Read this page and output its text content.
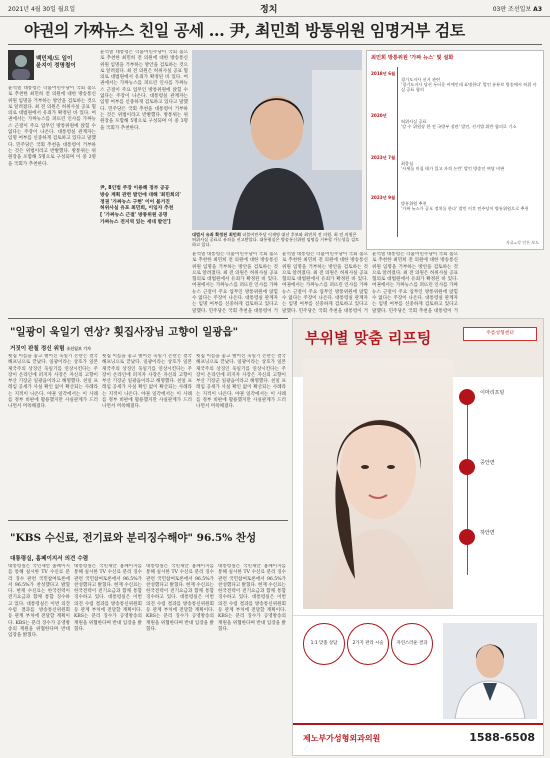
2021년 4월 30일 월요일	정치	03판 조선일보 A3
야권의 가짜뉴스 친일 공세 … 尹, 최민희 방통위원 임명거부 검토
백민제/도 일이
윤지이 정명철이
윤석열 대통령은 더불어민주당이 국회 몫으로 추천한 최민희 전 의원에 대한 방송통신위원 임명을 거부하는 방안을 검토하는 것으로 알려졌다. 최 전 의원은 허위사실 공표 혐의로 대법원에서 유죄가 확정된 바 있다. 여권에서는 가짜뉴스를 퍼뜨린 인사를 가짜뉴스 근절이 주요 업무인 방통위원에 앉힐 수 없다는 주장이 나온다. 대통령실 관계자는 임명 여부를 신중하게 검토하고 있다고 말했다. 민주당은 국회 추천을 대통령이 거부하는 것은 위법이라고 반발했다. 방통위는 위원장을 포함해 5명으로 구성되며 이 중 3명을 국회가 추천한다.
윤석열 대통령은 더불어민주당이 국회 몫으로 추천한 최민희 전 의원에 대한 방송통신위원 임명을 거부하는 방안을 검토하는 것으로 알려졌다. 최 전 의원은 허위사실 공표 혐의로 대법원에서 유죄가 확정된 바 있다. 여권에서는 가짜뉴스를 퍼뜨린 인사를 가짜뉴스 근절이 주요 업무인 방통위원에 앉힐 수 없다는 주장이 나온다. 대통령실 관계자는 임명 여부를 신중하게 검토하고 있다고 말했다. 민주당은 국회 추천을 대통령이 거부하는 것은 위법이라고 반발했다. 방통위는 위원장을 포함해 5명으로 구성되며 이 중 3명을 국회가 추천한다.
대법서 유죄 확정된 최민희 더불어민주당 이재명 대선 후보와 최민희 전 의원. 최 전 의원은 허위사실 공표로 유죄를 선고받았다. 대통령실은 방송통신위원 임명을 거부할 가능성을 검토하고 있다.
尹, 8인법 주장 이용해 정부 공공
방송 계획 관련 발언에 대해 '최민희의'
정권 '가짜뉴스 구현' 이어 불거진
허위사실 유포 최민희, 이임자 추천
[ '가짜뉴스 근절' 방통위원 공명
가짜뉴스 전지역 있는 세대 발언']
최민희 방통위원 '가짜 뉴스' 및 설화
2018년 6월
경기도지사 선거 관련
'경기도지사 당선 두터운 어깨인데 표명한다' 발언 유튜브 방송에서 허위 사실 공표 혐의
2020년
허위사실 공표
'강 수 위원장 한 전 국방부 장관' 발언, 선거법 위반 혐의로 기소
2023년 7월
최종심
'사세를 미칠 테가 있고 자격 논란' 발언 방송인 여당 비판
2023년 9월
방통위원 추천
'가짜 뉴스가 공포 정치를 한다' 발언 이후 민주당이 방통위원으로 추천
자료=각 언론 보도
윤석열 대통령은 더불어민주당이 국회 몫으로 추천한 최민희 전 의원에 대한 방송통신위원 임명을 거부하는 방안을 검토하는 것으로 알려졌다. 최 전 의원은 허위사실 공표 혐의로 대법원에서 유죄가 확정된 바 있다. 여권에서는 가짜뉴스를 퍼뜨린 인사를 가짜뉴스 근절이 주요 업무인 방통위원에 앉힐 수 없다는 주장이 나온다. 대통령실 관계자는 임명 여부를 신중하게 검토하고 있다고 말했다. 민주당은 국회 추천을 대통령이 거
윤석열 대통령은 더불어민주당이 국회 몫으로 추천한 최민희 전 의원에 대한 방송통신위원 임명을 거부하는 방안을 검토하는 것으로 알려졌다. 최 전 의원은 허위사실 공표 혐의로 대법원에서 유죄가 확정된 바 있다. 여권에서는 가짜뉴스를 퍼뜨린 인사를 가짜뉴스 근절이 주요 업무인 방통위원에 앉힐 수 없다는 주장이 나온다. 대통령실 관계자는 임명 여부를 신중하게 검토하고 있다고 말했다. 민주당은 국회 추천을 대통령이 거
윤석열 대통령은 더불어민주당이 국회 몫으로 추천한 최민희 전 의원에 대한 방송통신위원 임명을 거부하는 방안을 검토하는 것으로 알려졌다. 최 전 의원은 허위사실 공표 혐의로 대법원에서 유죄가 확정된 바 있다. 여권에서는 가짜뉴스를 퍼뜨린 인사를 가짜뉴스 근절이 주요 업무인 방통위원에 앉힐 수 없다는 주장이 나온다. 대통령실 관계자는 임명 여부를 신중하게 검토하고 있다고 말했다. 민주당은 국회 추천을 대통령이 거
"일광이 욱일기 연상? 횟집사장님 고향이 일광읍"
거짓이 판칠 정신 위험 조선일보 기자
횟집 이름을 놓고 벌어진 욱일기 논란은 결국 해프닝으로 끝났다. 일광이라는 상호가 일본 제국주의 상징인 욱일기를 연상시킨다는 주장이 온라인에 퍼지자 사장은 자신의 고향이 부산 기장군 일광읍이라고 해명했다. 친일 프레임 공세가 사실 확인 없이 확산되는 사례라는 지적이 나온다. 야권 일각에서는 이 사례를 정부 비판에 활용했지만 사실관계가 드러나면서 머쓱해졌다.
횟집 이름을 놓고 벌어진 욱일기 논란은 결국 해프닝으로 끝났다. 일광이라는 상호가 일본 제국주의 상징인 욱일기를 연상시킨다는 주장이 온라인에 퍼지자 사장은 자신의 고향이 부산 기장군 일광읍이라고 해명했다. 친일 프레임 공세가 사실 확인 없이 확산되는 사례라는 지적이 나온다. 야권 일각에서는 이 사례를 정부 비판에 활용했지만 사실관계가 드러나면서 머쓱해졌다.
횟집 이름을 놓고 벌어진 욱일기 논란은 결국 해프닝으로 끝났다. 일광이라는 상호가 일본 제국주의 상징인 욱일기를 연상시킨다는 주장이 온라인에 퍼지자 사장은 자신의 고향이 부산 기장군 일광읍이라고 해명했다. 친일 프레임 공세가 사실 확인 없이 확산되는 사례라는 지적이 나온다. 야권 일각에서는 이 사례를 정부 비판에 활용했지만 사실관계가 드러나면서 머쓱해졌다.
"KBS 수신료, 전기료와 분리징수해야" 96.5% 찬성
대통령실, 홈페이지서 의견 수렴
대통령실은 국민제안 홈페이지를 통해 실시한 TV 수신료 분리 징수 관련 국민참여토론에서 96.5%가 찬성했다고 밝혔다. 현재 수신료는 한국전력이 전기요금과 함께 통합 징수하고 있다. 대통령실은 이번 의견 수렴 결과를 방송통신위원회 등 관계 부처에 전달할 계획이다. KBS는 분리 징수가 공영방송의 재원을 위협한다며 반대 입장을 밝혔다.
대통령실은 국민제안 홈페이지를 통해 실시한 TV 수신료 분리 징수 관련 국민참여토론에서 96.5%가 찬성했다고 밝혔다. 현재 수신료는 한국전력이 전기요금과 함께 통합 징수하고 있다. 대통령실은 이번 의견 수렴 결과를 방송통신위원회 등 관계 부처에 전달할 계획이다. KBS는 분리 징수가 공영방송의 재원을 위협한다며 반대 입장을 밝혔다.
대통령실은 국민제안 홈페이지를 통해 실시한 TV 수신료 분리 징수 관련 국민참여토론에서 96.5%가 찬성했다고 밝혔다. 현재 수신료는 한국전력이 전기요금과 함께 통합 징수하고 있다. 대통령실은 이번 의견 수렴 결과를 방송통신위원회 등 관계 부처에 전달할 계획이다. KBS는 분리 징수가 공영방송의 재원을 위협한다며 반대 입장을 밝혔다.
대통령실은 국민제안 홈페이지를 통해 실시한 TV 수신료 분리 징수 관련 국민참여토론에서 96.5%가 찬성했다고 밝혔다. 현재 수신료는 한국전력이 전기요금과 함께 통합 징수하고 있다. 대통령실은 이번 의견 수렴 결과를 방송통신위원회 등 관계 부처에 전달할 계획이다. KBS는 분리 징수가 공영방송의 재원을 위협한다며 반대 입장을 밝혔다.
부위별 맞춤 리프팅	주름성형센터
$^{이마리프팅}$
$^{중안면}$
$^{하안면}$
1:1 맞춤 상담	2가지 관리 시술	자연스러운 결과
제노부가성형외과의원	1588-6508
